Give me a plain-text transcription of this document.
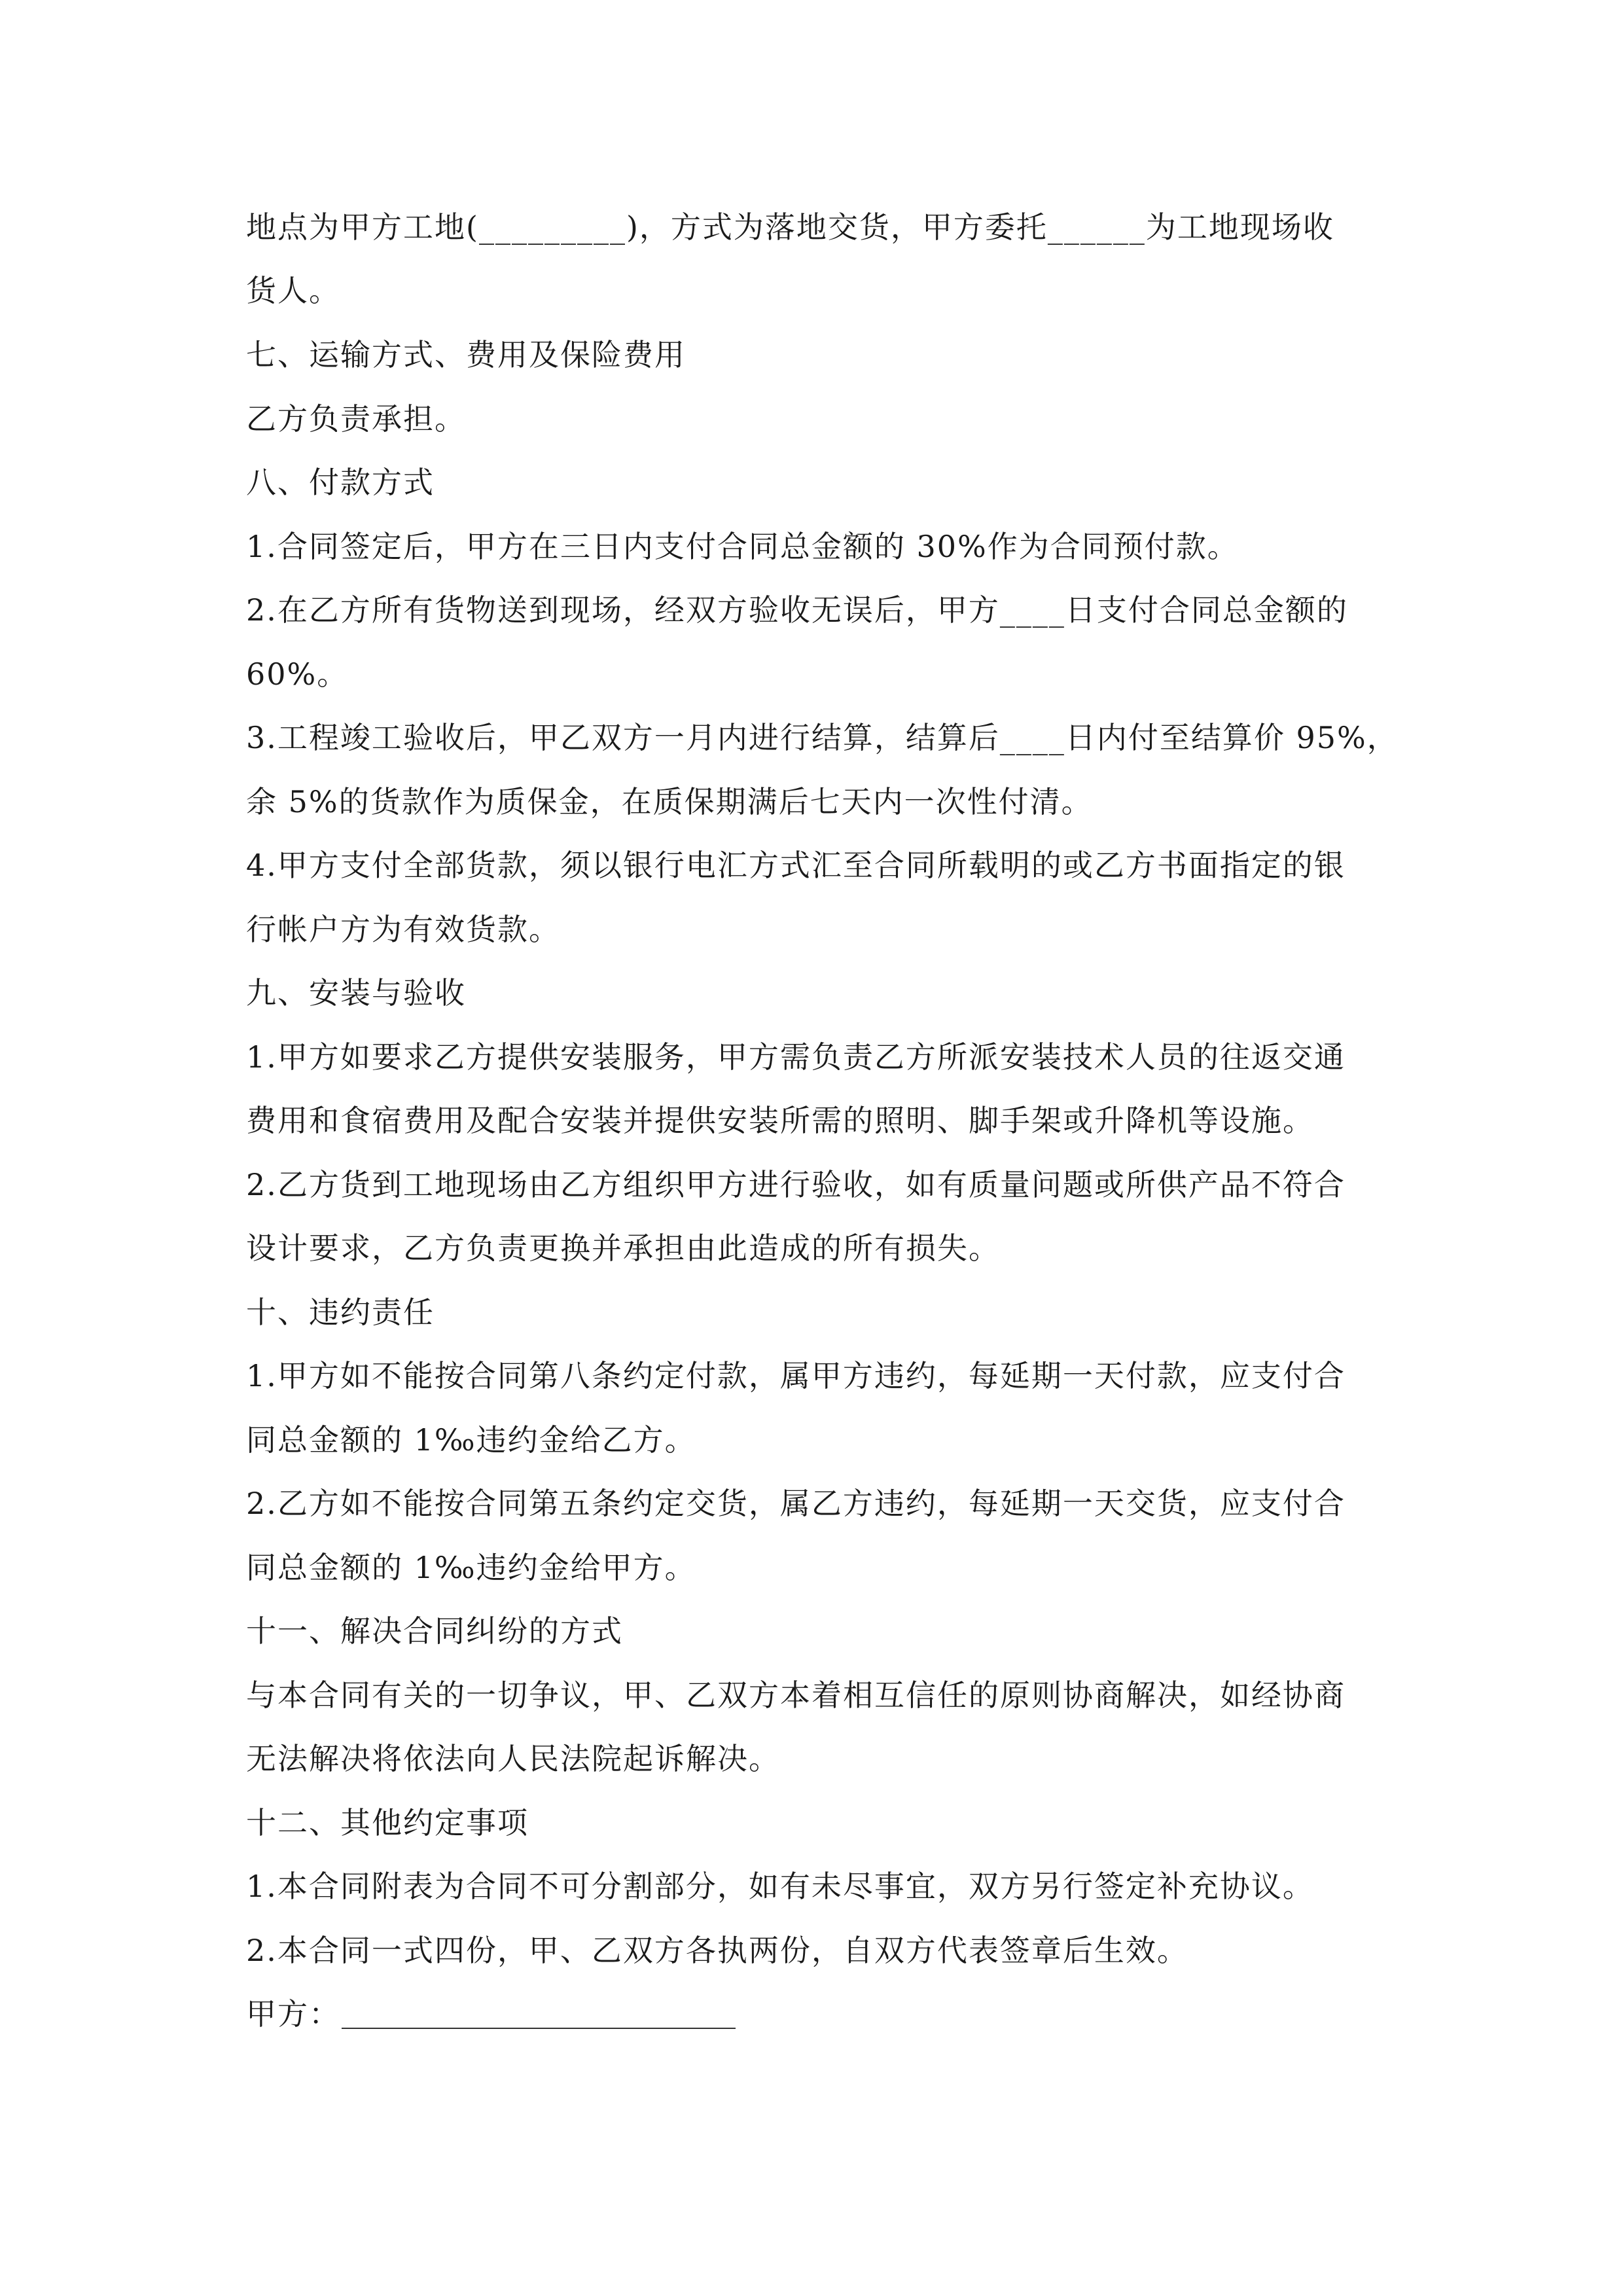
地点为甲方工地(_________)，方式为落地交货，甲方委托______为工地现场收
货人。
七、运输方式、费用及保险费用
乙方负责承担。
八、付款方式
1.合同签定后，甲方在三日内支付合同总金额的 30%作为合同预付款。
2.在乙方所有货物送到现场，经双方验收无误后，甲方____日支付合同总金额的
60%。
3.工程竣工验收后，甲乙双方一月内进行结算，结算后____日内付至结算价 95%，
余 5%的货款作为质保金，在质保期满后七天内一次性付清。
4.甲方支付全部货款，须以银行电汇方式汇至合同所载明的或乙方书面指定的银
行帐户方为有效货款。
九、安装与验收
1.甲方如要求乙方提供安装服务，甲方需负责乙方所派安装技术人员的往返交通
费用和食宿费用及配合安装并提供安装所需的照明、脚手架或升降机等设施。
2.乙方货到工地现场由乙方组织甲方进行验收，如有质量问题或所供产品不符合
设计要求，乙方负责更换并承担由此造成的所有损失。
十、违约责任
1.甲方如不能按合同第八条约定付款，属甲方违约，每延期一天付款，应支付合
同总金额的 1‰违约金给乙方。
2.乙方如不能按合同第五条约定交货，属乙方违约，每延期一天交货，应支付合
同总金额的 1‰违约金给甲方。
十一、解决合同纠纷的方式
与本合同有关的一切争议，甲、乙双方本着相互信任的原则协商解决，如经协商
无法解决将依法向人民法院起诉解决。
十二、其他约定事项
1.本合同附表为合同不可分割部分，如有未尽事宜，双方另行签定补充协议。
2.本合同一式四份，甲、乙双方各执两份，自双方代表签章后生效。
甲方：
